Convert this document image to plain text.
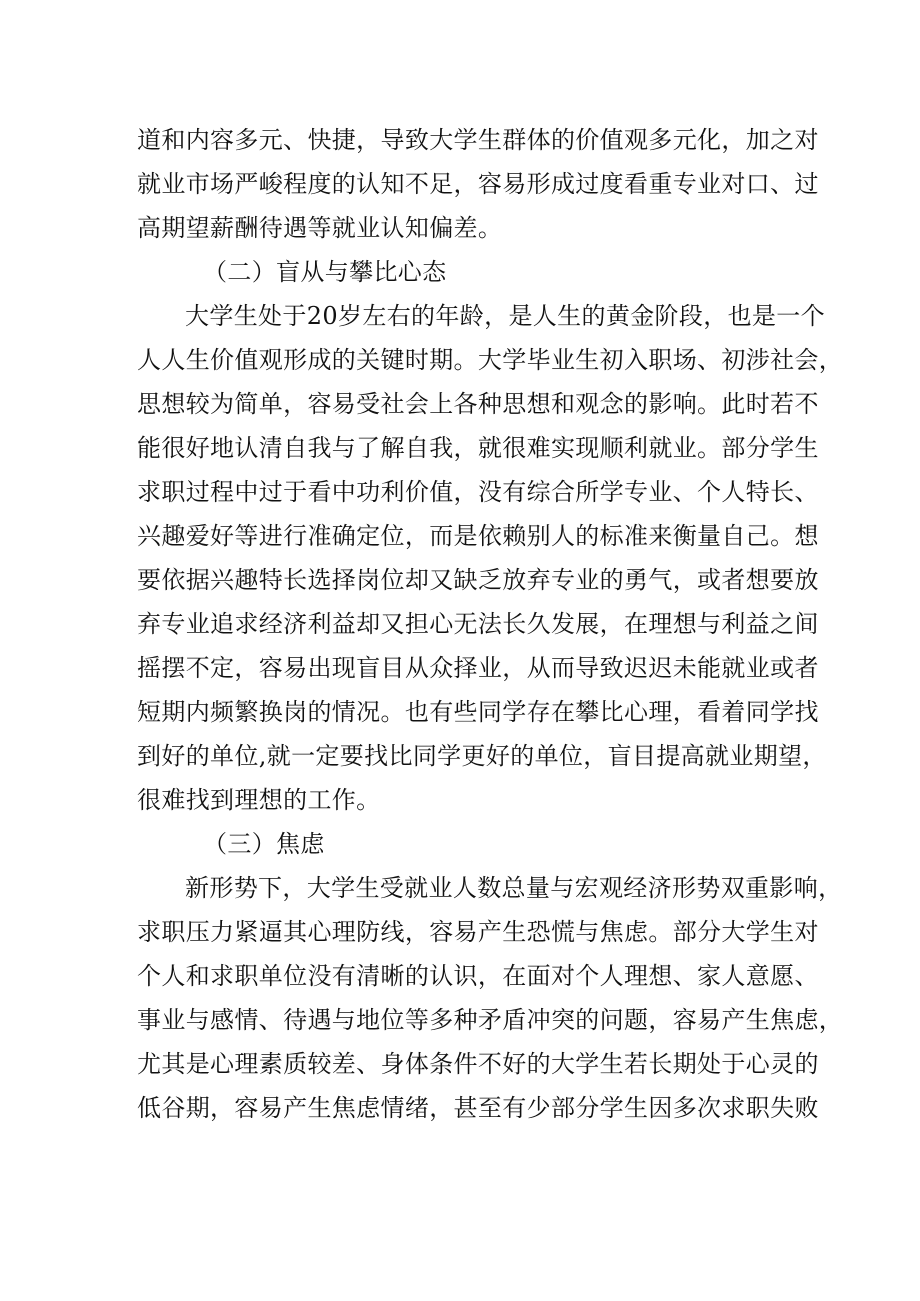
道和内容多元、快捷，导致大学生群体的价值观多元化，加之对
就业市场严峻程度的认知不足，容易形成过度看重专业对口、过
高期望薪酬待遇等就业认知偏差。
（二）盲从与攀比心态
大学生处于20岁左右的年龄，是人生的黄金阶段，也是一个
人人生价值观形成的关键时期。大学毕业生初入职场、初涉社会，
思想较为简单，容易受社会上各种思想和观念的影响。此时若不
能很好地认清自我与了解自我，就很难实现顺利就业。部分学生
求职过程中过于看中功利价值，没有综合所学专业、个人特长、
兴趣爱好等进行准确定位，而是依赖别人的标准来衡量自己。想
要依据兴趣特长选择岗位却又缺乏放弃专业的勇气，或者想要放
弃专业追求经济利益却又担心无法长久发展，在理想与利益之间
摇摆不定，容易出现盲目从众择业，从而导致迟迟未能就业或者
短期内频繁换岗的情况。也有些同学存在攀比心理，看着同学找
到好的单位,就一定要找比同学更好的单位，盲目提高就业期望，
很难找到理想的工作。
（三）焦虑
新形势下，大学生受就业人数总量与宏观经济形势双重影响，
求职压力紧逼其心理防线，容易产生恐慌与焦虑。部分大学生对
个人和求职单位没有清晰的认识，在面对个人理想、家人意愿、
事业与感情、待遇与地位等多种矛盾冲突的问题，容易产生焦虑，
尤其是心理素质较差、身体条件不好的大学生若长期处于心灵的
低谷期，容易产生焦虑情绪，甚至有少部分学生因多次求职失败
